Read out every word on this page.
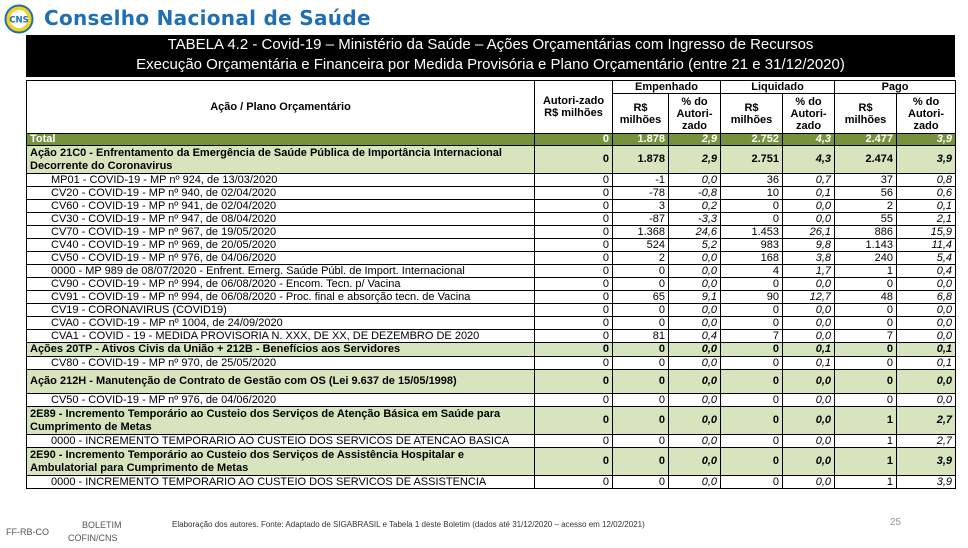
CNS Conselho Nacional de Saúde
TABELA 4.2 - Covid-19 – Ministério da Saúde – Ações Orçamentárias com Ingresso de Recursos
Execução Orçamentária e Financeira por Medida Provisória e Plano Orçamentário (entre 21 e 31/12/2020)
Ação / Plano Orçamentário	Autori-zado R$ milhões	Empenhado		Liquidado		Pago	
		R$ milhões	% do Autori-zado	R$ milhões	% do Autori-zado	R$ milhões	% do Autori-zado
Total	0	1.878	2,9	2.752	4,3	2.477	3,9
Ação 21C0 - Enfrentamento da Emergência de Saúde Pública de Importância Internacional Decorrente do Coronavirus	0	1.878	2,9	2.751	4,3	2.474	3,9
MP01 - COVID-19 - MP nº 924, de 13/03/2020	0	-1	0,0	36	0,7	37	0,8
CV20 - COVID-19 - MP nº 940, de 02/04/2020	0	-78	-0,8	10	0,1	56	0,6
CV60 - COVID-19 - MP nº 941, de 02/04/2020	0	3	0,2	0	0,0	2	0,1
CV30 - COVID-19 - MP nº 947, de 08/04/2020	0	-87	-3,3	0	0,0	55	2,1
CV70 - COVID-19 - MP nº 967, de 19/05/2020	0	1.368	24,6	1.453	26,1	886	15,9
CV40 - COVID-19 - MP nº 969, de 20/05/2020	0	524	5,2	983	9,8	1.143	11,4
CV50 - COVID-19 - MP nº 976, de 04/06/2020	0	2	0,0	168	3,8	240	5,4
0000 - MP 989 de 08/07/2020 - Enfrent. Emerg. Saúde Públ. de Import. Internacional	0	0	0,0	4	1,7	1	0,4
CV90 - COVID-19 - MP nº 994, de 06/08/2020 - Encom. Tecn. p/ Vacina	0	0	0,0	0	0,0	0	0,0
CV91 - COVID-19 - MP nº 994, de 06/08/2020 - Proc. final e absorção tecn. de Vacina	0	65	9,1	90	12,7	48	6,8
CV19 - CORONAVIRUS (COVID19)	0	0	0,0	0	0,0	0	0,0
CVA0 - COVID-19 - MP nº 1004, de 24/09/2020	0	0	0,0	0	0,0	0	0,0
CVA1 - COVID - 19 - MEDIDA PROVISORIA N. XXX, DE XX, DE DEZEMBRO DE 2020	0	81	0,4	7	0,0	7	0,0
Ações 20TP - Ativos Civis da União + 212B - Benefícios aos Servidores	0	0	0,0	0	0,1	0	0,1
CV80 - COVID-19 - MP nº 970, de 25/05/2020	0	0	0,0	0	0,1	0	0,1
Ação 212H - Manutenção de Contrato de Gestão com OS (Lei 9.637 de 15/05/1998)	0	0	0,0	0	0,0	0	0,0
CV50 - COVID-19 - MP nº 976, de 04/06/2020	0	0	0,0	0	0,0	0	0,0
2E89 - Incremento Temporário ao Custeio dos Serviços de Atenção Básica em Saúde para Cumprimento de Metas	0	0	0,0	0	0,0	1	2,7
0000 - INCREMENTO TEMPORARIO AO CUSTEIO DOS SERVICOS DE ATENCAO BASICA	0	0	0,0	0	0,0	1	2,7
2E90 - Incremento Temporário ao Custeio dos Serviços de Assistência Hospitalar e Ambulatorial para Cumprimento de Metas	0	0	0,0	0	0,0	1	3,9
0000 - INCREMENTO TEMPORARIO AO CUSTEIO DOS SERVICOS DE ASSISTENCIA	0	0	0,0	0	0,0	1	3,9
FF-RB-CO
BOLETIM
COFIN/CNS
Elaboração dos autores. Fonte: Adaptado de SIGABRASIL e Tabela 1 deste Boletim (dados até 31/12/2020 – acesso em 12/02/2021)	25
